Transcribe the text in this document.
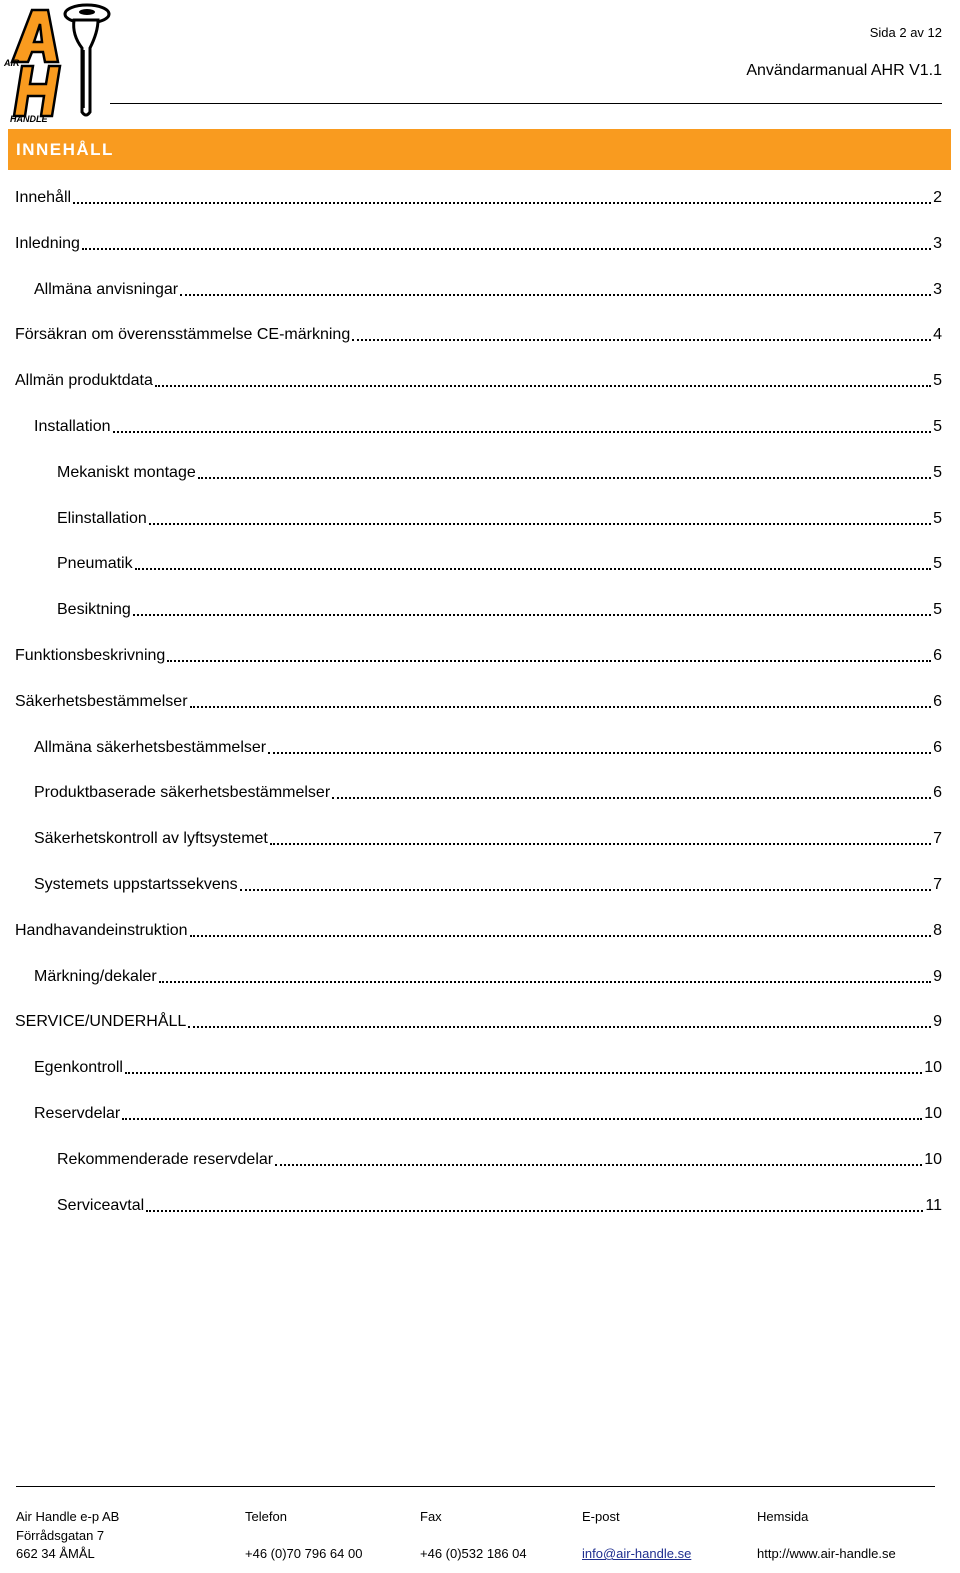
AIR
HANDLE
Sida 2 av 12
Användarmanual AHR V1.1
INNEHÅLL
Innehåll	2
Inledning	3
Allmäna anvisningar	3
Försäkran om överensstämmelse CE-märkning	4
Allmän produktdata	5
Installation	5
Mekaniskt montage	5
Elinstallation	5
Pneumatik	5
Besiktning	5
Funktionsbeskrivning	6
Säkerhetsbestämmelser	6
Allmäna säkerhetsbestämmelser	6
Produktbaserade säkerhetsbestämmelser	6
Säkerhetskontroll av lyftsystemet	7
Systemets uppstartssekvens	7
Handhavandeinstruktion	8
Märkning/dekaler	9
SERVICE/UNDERHÅLL	9
Egenkontroll	10
Reservdelar	10
Rekommenderade reservdelar	10
Serviceavtal	11
Air Handle e-p AB
Förrådsgatan 7
662 34 ÅMÅL
Telefon

+46 (0)70 796 64 00
Fax

+46 (0)532 186 04
E-post

info@air-handle.se
Hemsida

http://www.air-handle.se
